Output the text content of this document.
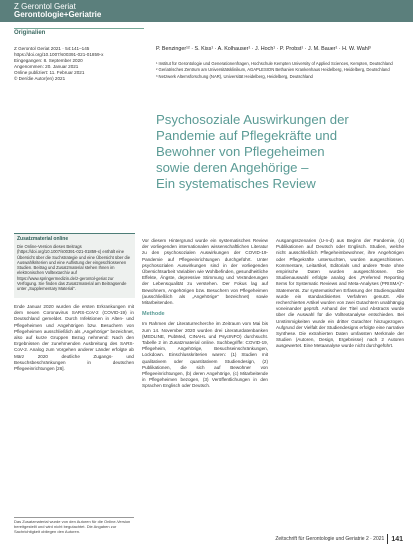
Z Gerontol Geriat
Gerontologie+Geriatrie
Originalien
Z Gerontol Geriat 2021 · 54:141–145
https://doi.org/10.1007/s00391-021-01859-x
Eingegangen: 8. September 2020
Angenommen: 20. Januar 2021
Online publiziert: 11. Februar 2021
© Der/die Autor(en) 2021
P. Benzinger¹² · S. Kiss¹ · A. Kolhauser¹ · J. Hoch¹ · P. Probst¹ · J. M. Bauer¹ · H. W. Wahl³
¹ Institut für Gerontologie und Generationenfragen, Hochschule Kempten University of Applied Sciences, Kempten, Deutschland
² Geriatrisches Zentrum am Universitätsklinikum, AGAPLESION Bethanien Krankenhaus Heidelberg, Heidelberg, Deutschland
³ Netzwerk Alternsforschung (NAR), Universität Heidelberg, Heidelberg, Deutschland
Psychosoziale Auswirkungen der
Pandemie auf Pflegekräfte und
Bewohner von Pflegeheimen
sowie deren Angehörige –
Ein systematisches Review
Zusatzmaterial online
Die Online-Version dieses Beitrags (https://doi.org/10.1007/s00391-021-01859-x) enthält eine Übersicht über die Suchstrategie und eine Übersicht über die Auswahlkriterien und eine Auflistung der eingeschlossenen Studien. Beitrag und Zusatzmaterial stehen Ihnen im elektronischen Volltextarchiv auf https://www.springermedizin.de/z-gerontol-geriat zur Verfügung. Sie finden das Zusatzmaterial am Beitragsende unter „Supplementary Material“.

Ende Januar 2020 wurden die ersten Erkrankungen mit dem neuen Coronavirus SARS-CoV-2 (COVID-19) in Deutschland gemeldet. Durch Infektionen in Alten- und Pflegeheimen und Angehörigen bzw. Besuchern von Pflegeheimen ausschließlich als „Angehörige“ bezeichnet, also auf kurze Gruppen Bezug nehmend: Nach den Ergebnissen der zunehmenden Ausbreitung des SARS-CoV-2. Analog zum Vorgehen anderer Länder erfolgte ab März 2020 deutliche Zugangs- und Besuchsbeschränkungen in deutschen Pflegeeinrichtungen [26].

Das Zusatzmaterial wurde von den Autoren für die Online-Version bereitgestellt und wird nicht begutachtet. Die Angaben zur Sachrichtigkeit obliegen den Autoren.

Vor diesem Hintergrund wurde ein systematisches Review der vorliegenden internationalen wissenschaftlichen Literatur zu den psychosozialen Auswirkungen der COVID-19-Pandemie auf Pflegeeinrichtungen durchgeführt. Unter psychosozialen Auswirkungen sind in der vorliegenden Übersichtsarbeit Variablen wie Wohlbefinden, gesundheitliche Effekte, Ängste, depressive Stimmung und Veränderungen der Lebensqualität zu verstehen. Der Fokus lag auf Bewohnern, Angehörigen bzw. Besuchern von Pflegeheimen (ausschließlich als „Angehörige“ bezeichnet) sowie Mitarbeitenden.

Methode

Im Rahmen der Literaturrecherche im Zeitraum vom Mai bis zum 14. November 2020 wurden drei Literaturdatenbanken (MEDLINE, PubMed, CINAHL und PsycINFO) durchsucht. Tabelle 2 im Zusatzmaterial online. Suchbegriffe: COVID-19, Pflegeheim, Angehörige, Besuchseinschränkungen, Lockdown. Einschlusskriterien waren: (1) Studien mit qualitativem oder quantitativem Studiendesign, (2) Publikationen, die sich auf Bewohner von Pflegeeinrichtungen, (b) deren Angehörige, (c) Mitarbeitende in Pflegeheimen bezogen, (3) Veröffentlichungen in den Sprachen Englisch oder Deutsch.

Ausgangsszenarien (U-n-d) aus Beginn der Pandemie, (4) Publikationen auf Deutsch oder Englisch. Studien, welche nicht ausschließlich Pflegeheimbewohner, ihre Angehörigen oder Pflegekräfte untersuchten, wurden ausgeschlossen. Kommentare, Leitartikel, Editorials und andere Texte ohne empirische Daten wurden ausgeschlossen. Die Studienauswahl erfolgte analog des „Preferred Reporting Items for Systematic Reviews and Meta-Analyses (PRISMA)“-Statements. Zur systematischen Erfassung der Studienqualität wurde ein standardisiertes Verfahren genutzt. Alle recherchierten Artikel wurden von zwei Gutachtern unabhängig voneinander geprüft. Anhand der Titel und Abstracts wurde über die Auswahl für die Volltextanalyse entschieden. Bei Unstimmigkeiten wurde ein dritter Gutachter hinzugezogen. Aufgrund der Vielfalt der Studiendesigns erfolgte eine narrative Synthese. Die extrahierten Daten umfassten Merkmale der Studien (Autoren, Design, Ergebnisse) nach 2 Autoren ausgewertet. Eine Metaanalyse wurde nicht durchgeführt.

Zeitschrift für Gerontologie und Geriatrie 2 · 2021 141
